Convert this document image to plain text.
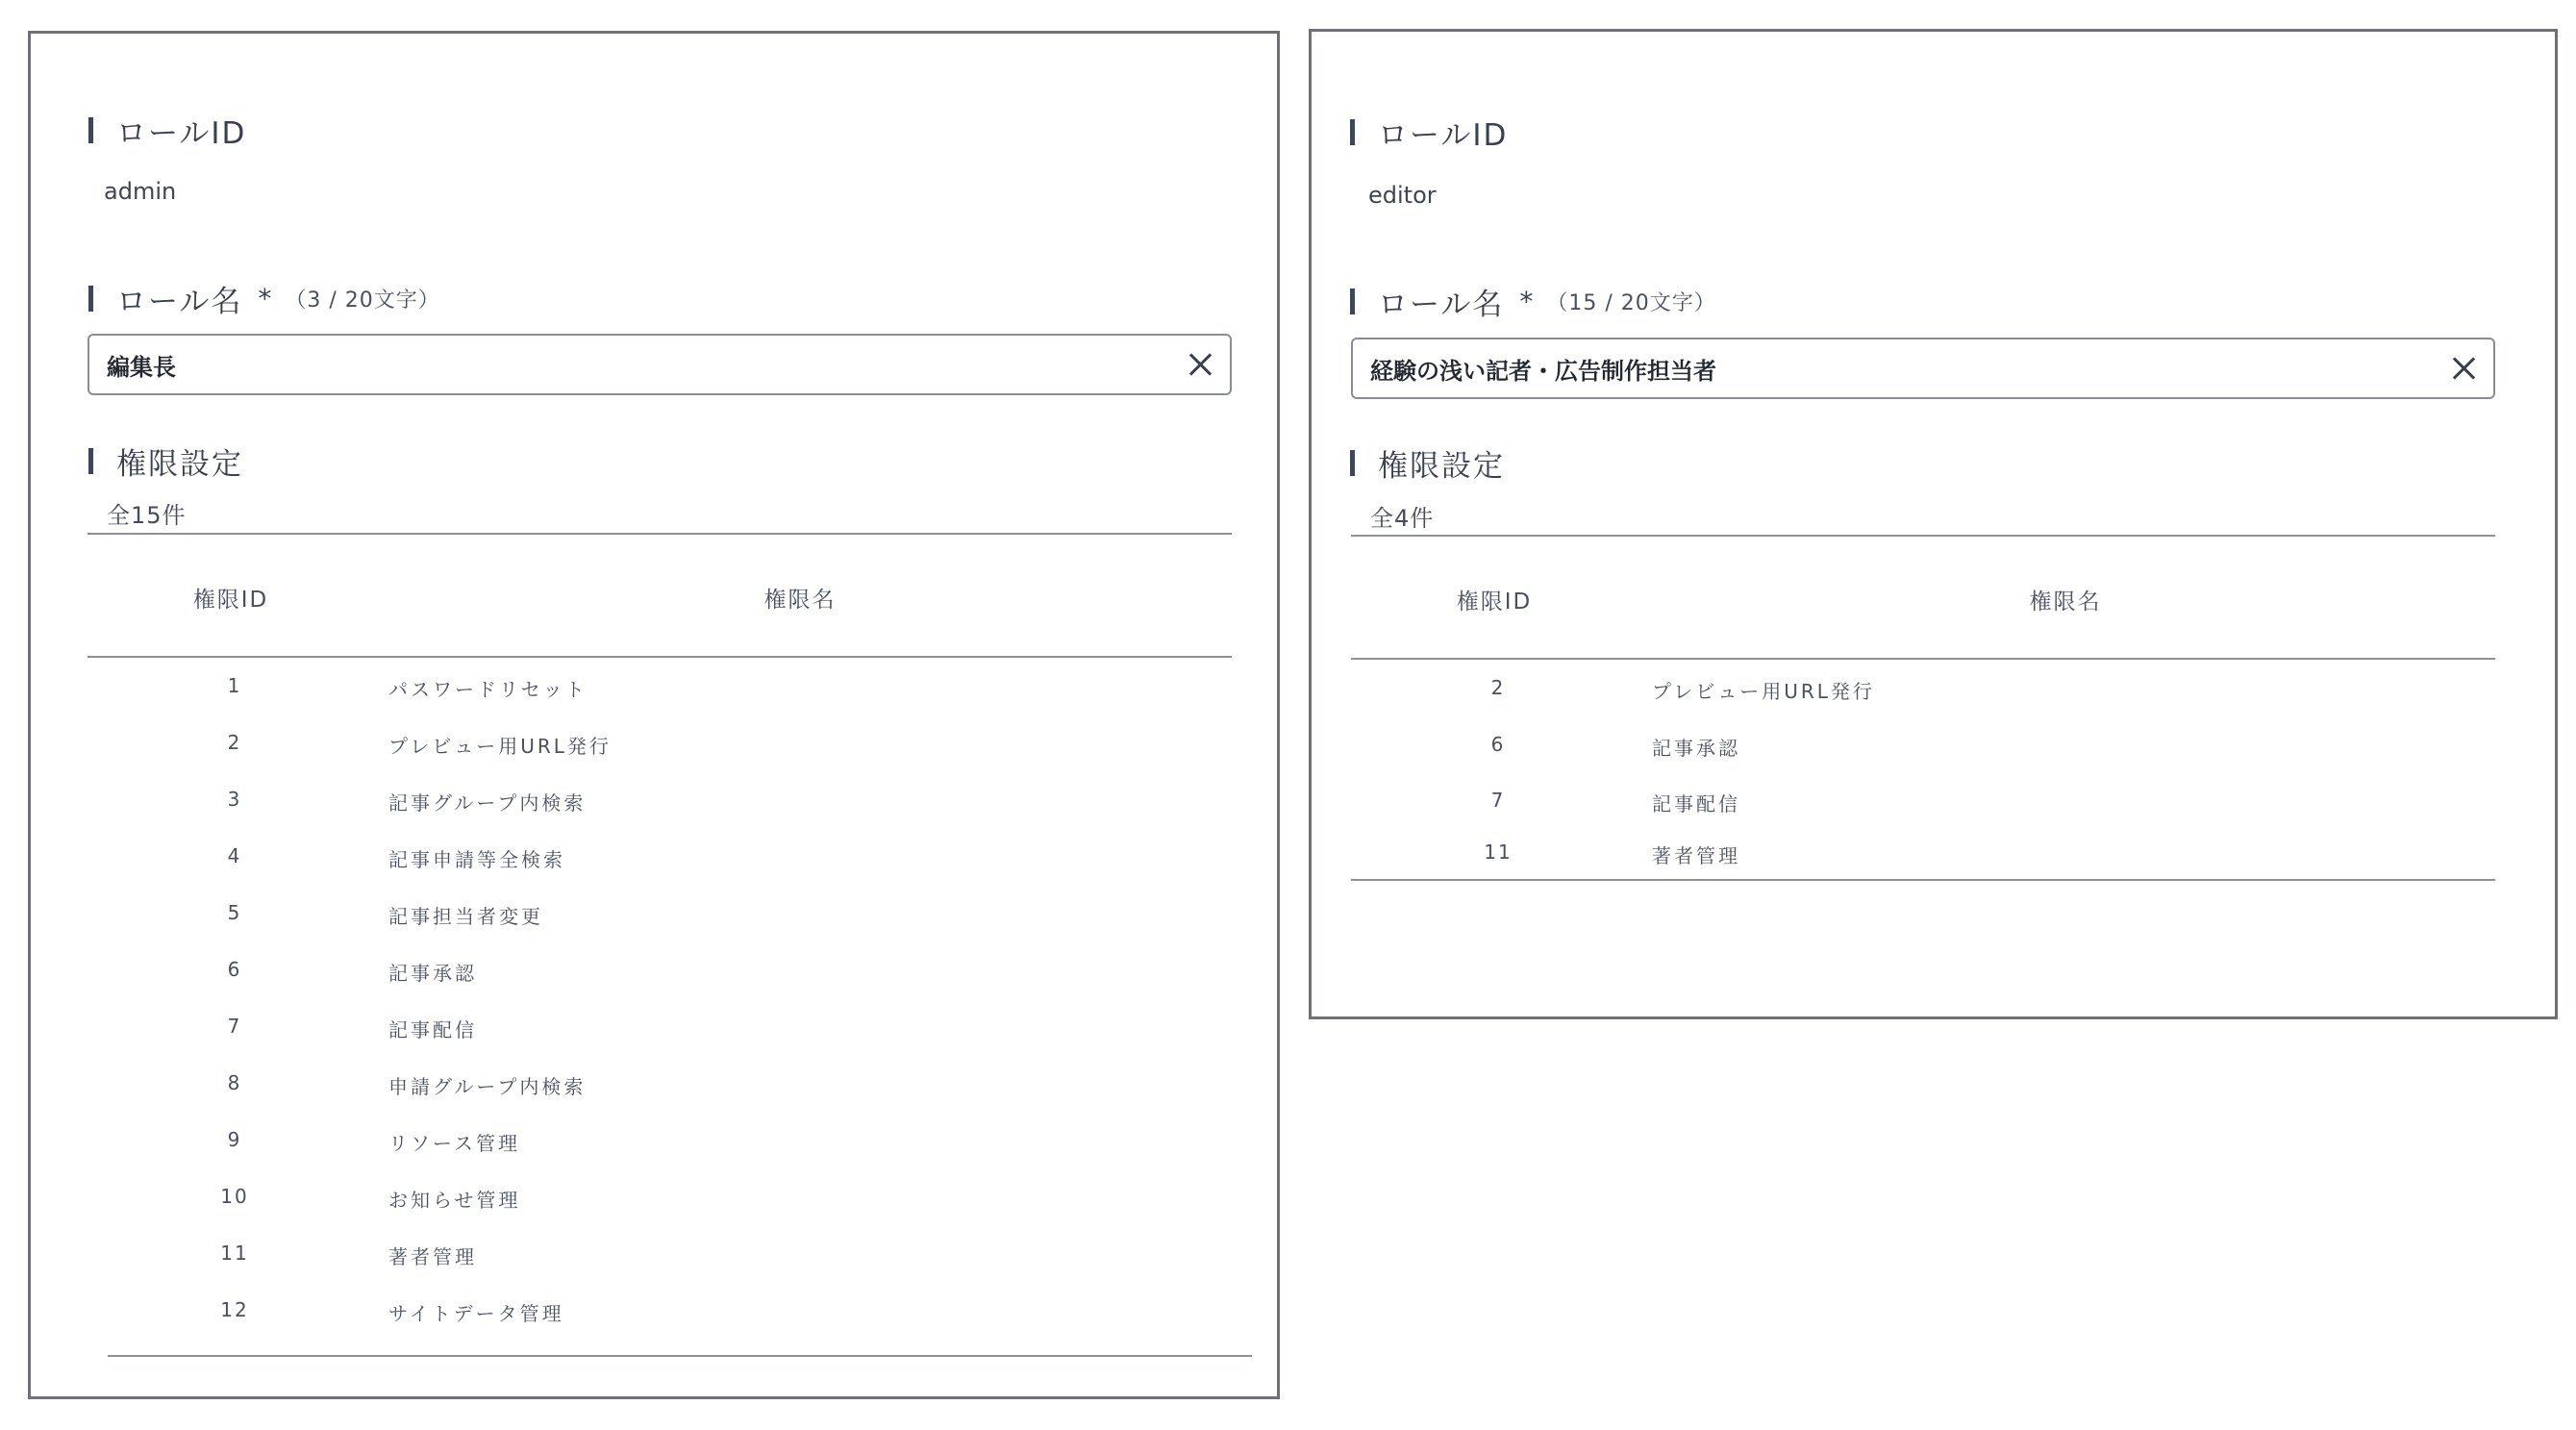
ロールID
admin
ロール名 * （3 / 20文字）
編集長
権限設定
全15件
権限ID	権限名
1	パスワードリセット
2	プレビュー用URL発行
3	記事グループ内検索
4	記事申請等全検索
5	記事担当者変更
6	記事承認
7	記事配信
8	申請グループ内検索
9	リソース管理
10	お知らせ管理
11	著者管理
12	サイトデータ管理
ロールID
editor
ロール名 * （15 / 20文字）
経験の浅い記者・広告制作担当者
権限設定
全4件
権限ID	権限名
2	プレビュー用URL発行
6	記事承認
7	記事配信
11	著者管理
